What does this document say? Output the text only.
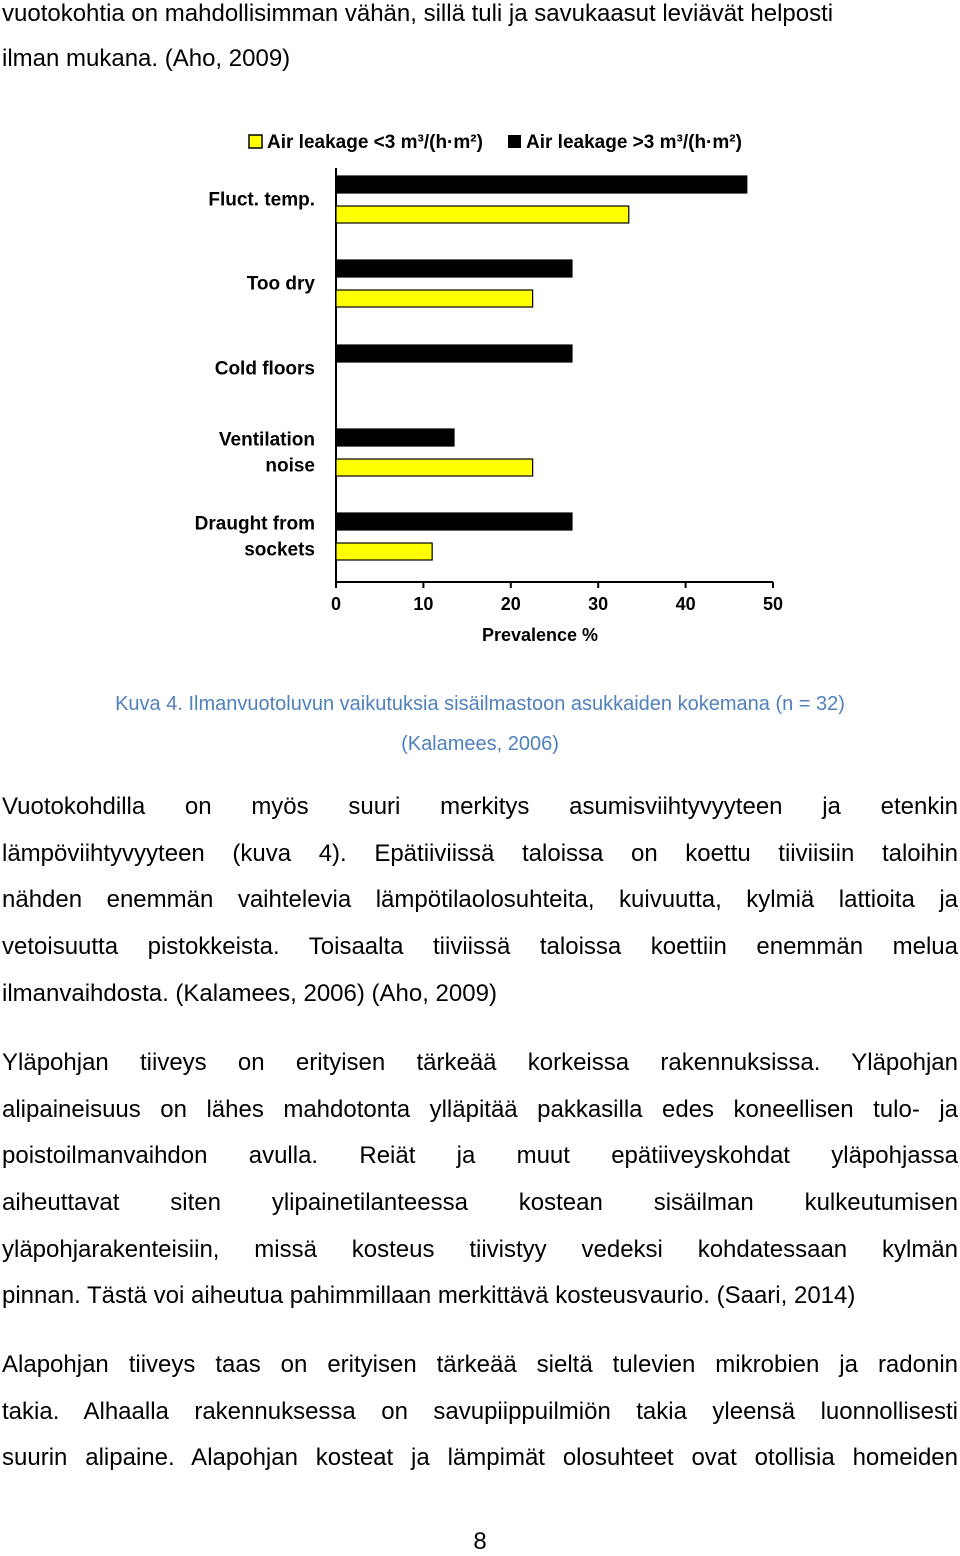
vuotokohtia on mahdollisimman vähän, sillä tuli ja savukaasut leviävät helposti
ilman mukana. (Aho, 2009)
Air leakage <3 m³/(h·m²) Air leakage >3 m³/(h·m²)
0	10	20	30	40	50
Fluct. temp.
Too dry
Cold floors
Ventilation
noise
Draught from
sockets
Prevalence %
Kuva 4. Ilmanvuotoluvun vaikutuksia sisäilmastoon asukkaiden kokemana (n = 32)
(Kalamees, 2006)
Vuotokohdilla on myös suuri merkitys asumisviihtyvyyteen ja etenkin
lämpöviihtyvyyteen (kuva 4). Epätiiviissä taloissa on koettu tiiviisiin taloihin
nähden enemmän vaihtelevia lämpötilaolosuhteita, kuivuutta, kylmiä lattioita ja
vetoisuutta pistokkeista. Toisaalta tiiviissä taloissa koettiin enemmän melua
ilmanvaihdosta. (Kalamees, 2006) (Aho, 2009)
Yläpohjan tiiveys on erityisen tärkeää korkeissa rakennuksissa. Yläpohjan
alipaineisuus on lähes mahdotonta ylläpitää pakkasilla edes koneellisen tulo- ja
poistoilmanvaihdon avulla. Reiät ja muut epätiiveyskohdat yläpohjassa
aiheuttavat siten ylipainetilanteessa kostean sisäilman kulkeutumisen
yläpohjarakenteisiin, missä kosteus tiivistyy vedeksi kohdatessaan kylmän
pinnan. Tästä voi aiheutua pahimmillaan merkittävä kosteusvaurio. (Saari, 2014)
Alapohjan tiiveys taas on erityisen tärkeää sieltä tulevien mikrobien ja radonin
takia. Alhaalla rakennuksessa on savupiippuilmiön takia yleensä luonnollisesti
suurin alipaine. Alapohjan kosteat ja lämpimät olosuhteet ovat otollisia homeiden
8
